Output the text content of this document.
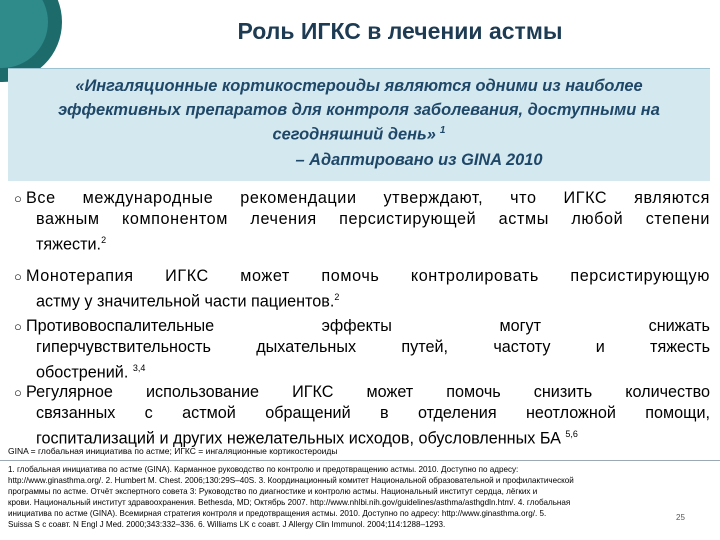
Роль ИГКС в лечении астмы
«Ингаляционные кортикостероиды являются одними из наиболее
эффективных препаратов для контроля заболевания, доступными на
сегодняшний день» $^1$
– Адаптировано из GINA 2010
○ Все международные рекомендации утверждают, что ИГКС являются
важным компонентом лечения персистирующей астмы любой степени
тяжести.$^2$
○ Монотерапия ИГКС может помочь контролировать персистирующую
астму у значительной части пациентов.$^2$
○ Противовоспалительные эффекты могут снижать
гиперчувствительность дыхательных путей, частоту и тяжесть
обострений. $^{3,4}$
○ Регулярное использование ИГКС может помочь снизить количество
связанных с астмой обращений в отделения неотложной помощи,
госпитализаций и других нежелательных исходов, обусловленных БА $^{5,6}$
GINA = глобальная инициатива по астме; ИГКС = ингаляционные кортикостероиды
1. глобальная инициатива по астме (GINA). Карманное руководство по контролю и предотвращению астмы. 2010. Доступно по адресу:
http://www.ginasthma.org/. 2. Humbert M. Chest. 2006;130:29S–40S. 3. Координационный комитет Национальной образовательной и профилактической
программы по астме. Отчёт экспертного совета 3: Руководство по диагностике и контролю астмы. Национальный институт сердца, лёгких и
крови. Национальный институт здравоохранения. Bethesda, MD; Октябрь 2007. http://www.nhlbi.nih.gov/guidelines/asthma/asthgdln.htm/. 4. глобальная
инициатива по астме (GINA). Всемирная стратегия контроля и предотвращения астмы. 2010. Доступно по адресу: http://www.ginasthma.org/. 5.
Suissa S с соавт. N Engl J Med. 2000;343:332–336. 6. Williams LK с соавт. J Allergy Clin Immunol. 2004;114:1288–1293.
25
